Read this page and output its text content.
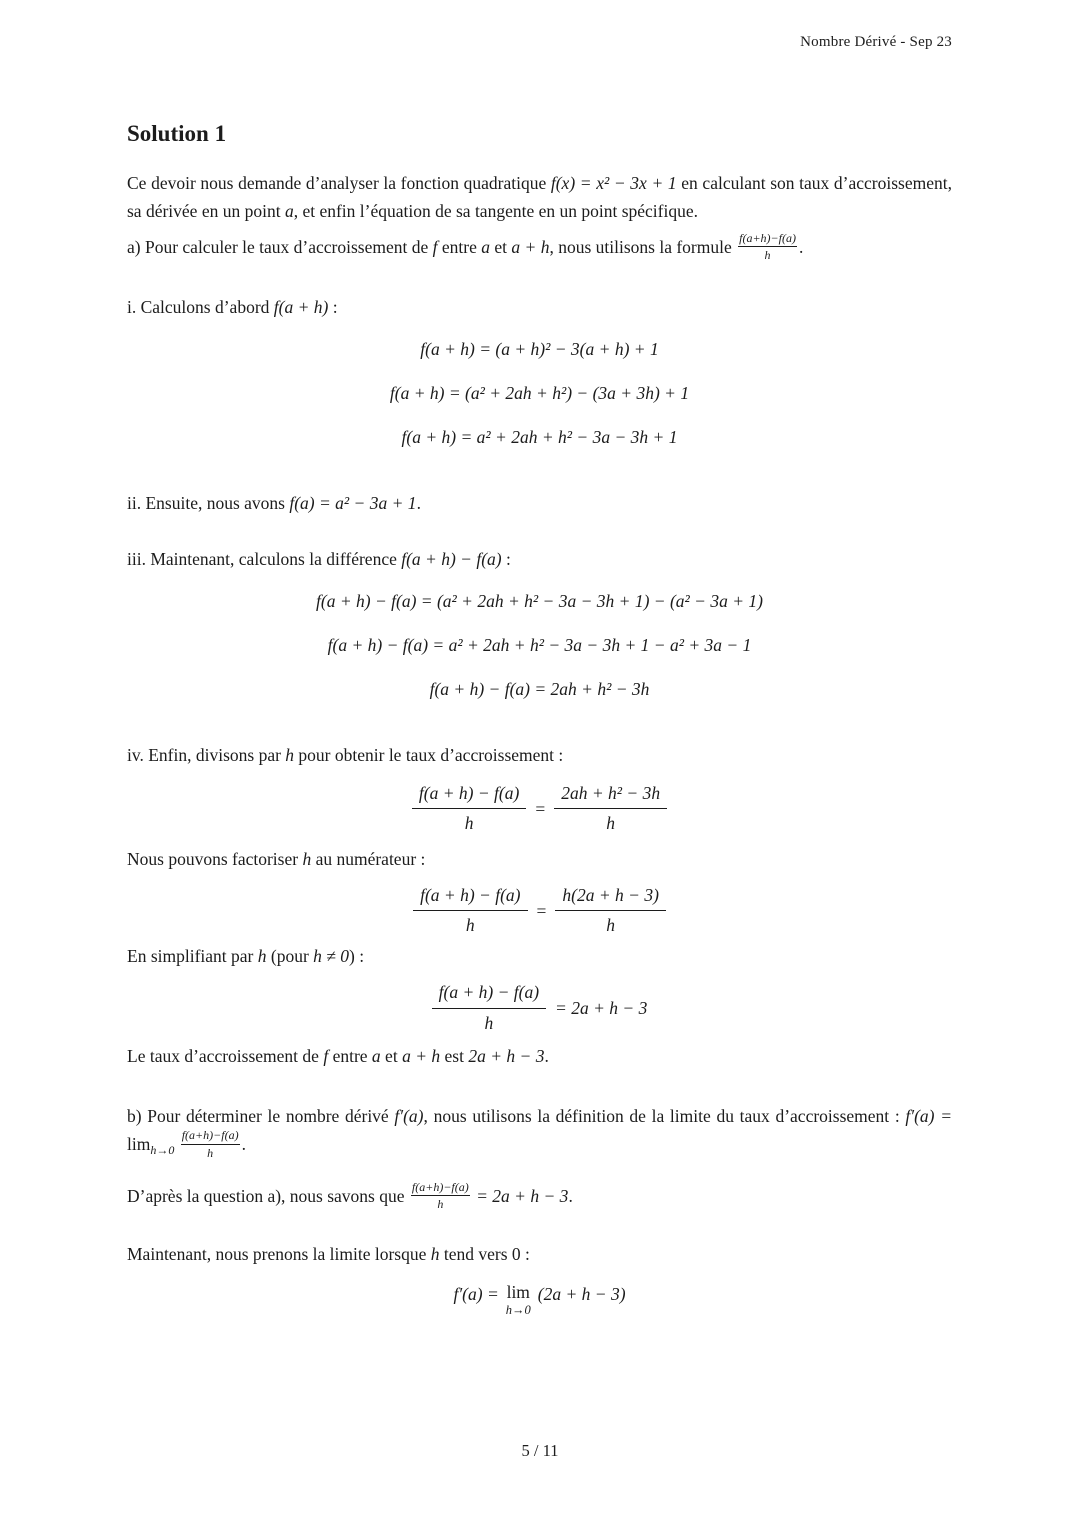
Nombre Dérivé - Sep 23
Solution 1

Ce devoir nous demande d’analyser la fonction quadratique f(x) = x² − 3x + 1 en calculant son taux d’accroissement, sa dérivée en un point a, et enfin l’équation de sa tangente en un point spécifique.

a) Pour calculer le taux d’accroissement de f entre a et a + h, nous utilisons la formule $\frac{f(a+h)-f(a)}{h}$ .

i. Calculons d’abord f(a + h) :

f(a + h) = (a + h)² − 3(a + h) + 1
f(a + h) = (a² + 2ah + h²) − (3a + 3h) + 1
f(a + h) = a² + 2ah + h² − 3a − 3h + 1

ii. Ensuite, nous avons f(a) = a² − 3a + 1.

iii. Maintenant, calculons la différence f(a + h) − f(a) :

f(a + h) − f(a) = (a² + 2ah + h² − 3a − 3h + 1) − (a² − 3a + 1)
f(a + h) − f(a) = a² + 2ah + h² − 3a − 3h + 1 − a² + 3a − 1
f(a + h) − f(a) = 2ah + h² − 3h

iv. Enfin, divisons par h pour obtenir le taux d’accroissement :

$\frac{f(a + h) - f(a)}{h} = \frac{\text{2ah + h² − 3h}}{h}$

Nous pouvons factoriser h au numérateur :

$\frac{f(a + h) - f(a)}{h} = \frac{h(2a + h - 3)}{h}$

En simplifiant par h (pour h ≠ 0) :

$\frac{f(a + h) - f(a)}{h} = 2a + h - 3$

Le taux d’accroissement de f entre a et a + h est 2a + h − 3.

b) Pour déterminer le nombre dérivé f′(a), nous utilisons la définition de la limite du taux d’accroissement : $f'(a) = \lim_{h\to 0} \frac{f(a+h)-f(a)}{h}$ .

D’après la question a), nous savons que $\frac{f(a+h)-f(a)}{h} = 2a + h - 3$.

Maintenant, nous prenons la limite lorsque h tend vers 0 :

f′(a) = lim
h→0
(2a + h − 3)
5 / 11
